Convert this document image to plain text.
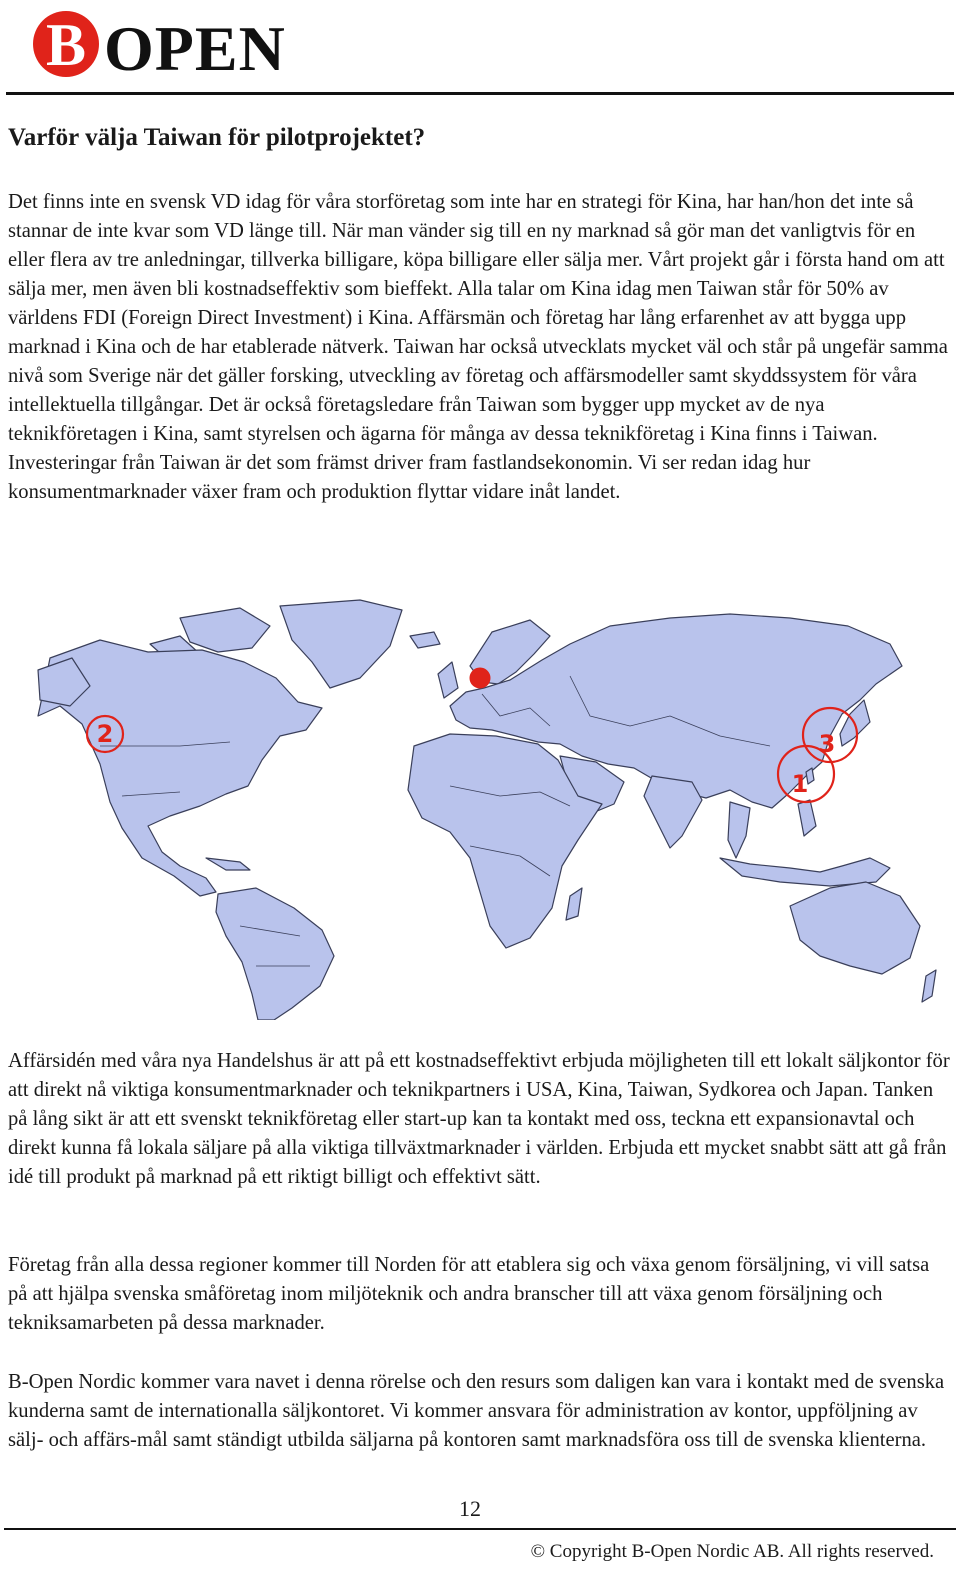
B OPEN
Varför välja Taiwan för pilotprojektet?

Det finns inte en svensk VD idag för våra storföretag som inte har en strategi för Kina, har han/hon det inte så stannar de inte kvar som VD länge till. När man vänder sig till en ny marknad så gör man det vanligtvis för en eller flera av tre anledningar, tillverka billigare, köpa billigare eller sälja mer. Vårt projekt går i första hand om att sälja mer, men även bli kostnadseffektiv som bieffekt. Alla talar om Kina idag men Taiwan står för 50% av världens FDI (Foreign Direct Investment) i Kina. Affärsmän och företag har lång erfarenhet av att bygga upp marknad i Kina och de har etablerade nätverk. Taiwan har också utvecklats mycket väl och står på ungefär samma nivå som Sverige när det gäller forsking, utveckling av företag och affärsmodeller samt skyddssystem för våra intellektuella tillgångar. Det är också företagsledare från Taiwan som bygger upp mycket av de nya teknikföretagen i Kina, samt styrelsen och ägarna för många av dessa teknikföretag i Kina finns i Taiwan. Investeringar från Taiwan är det som främst driver fram fastlandsekonomin. Vi ser redan idag hur konsumentmarknader växer fram och produktion flyttar vidare inåt landet.

2	3
1

Affärsidén med våra nya Handelshus är att på ett kostnadseffektivt erbjuda möjligheten till ett lokalt säljkontor för att direkt nå viktiga konsumentmarknader och teknikpartners i USA, Kina, Taiwan, Sydkorea och Japan. Tanken på lång sikt är att ett svenskt teknikföretag eller start-up kan ta kontakt med oss, teckna ett expansionavtal och direkt kunna få lokala säljare på alla viktiga tillväxtmarknader i världen. Erbjuda ett mycket snabbt sätt att gå från idé till produkt på marknad på ett riktigt billigt och effektivt sätt.

Företag från alla dessa regioner kommer till Norden för att etablera sig och växa genom försäljning, vi vill satsa på att hjälpa svenska småföretag inom miljöteknik och andra branscher till att växa genom försäljning och tekniksamarbeten på dessa marknader.

B-Open Nordic kommer vara navet i denna rörelse och den resurs som daligen kan vara i kontakt med de svenska kunderna samt de internationalla säljkontoret. Vi kommer ansvara för administration av kontor, uppföljning av sälj- och affärs-mål samt ständigt utbilda säljarna på kontoren samt marknadsföra oss till de svenska klienterna.

12
© Copyright B-Open Nordic AB. All rights reserved.
